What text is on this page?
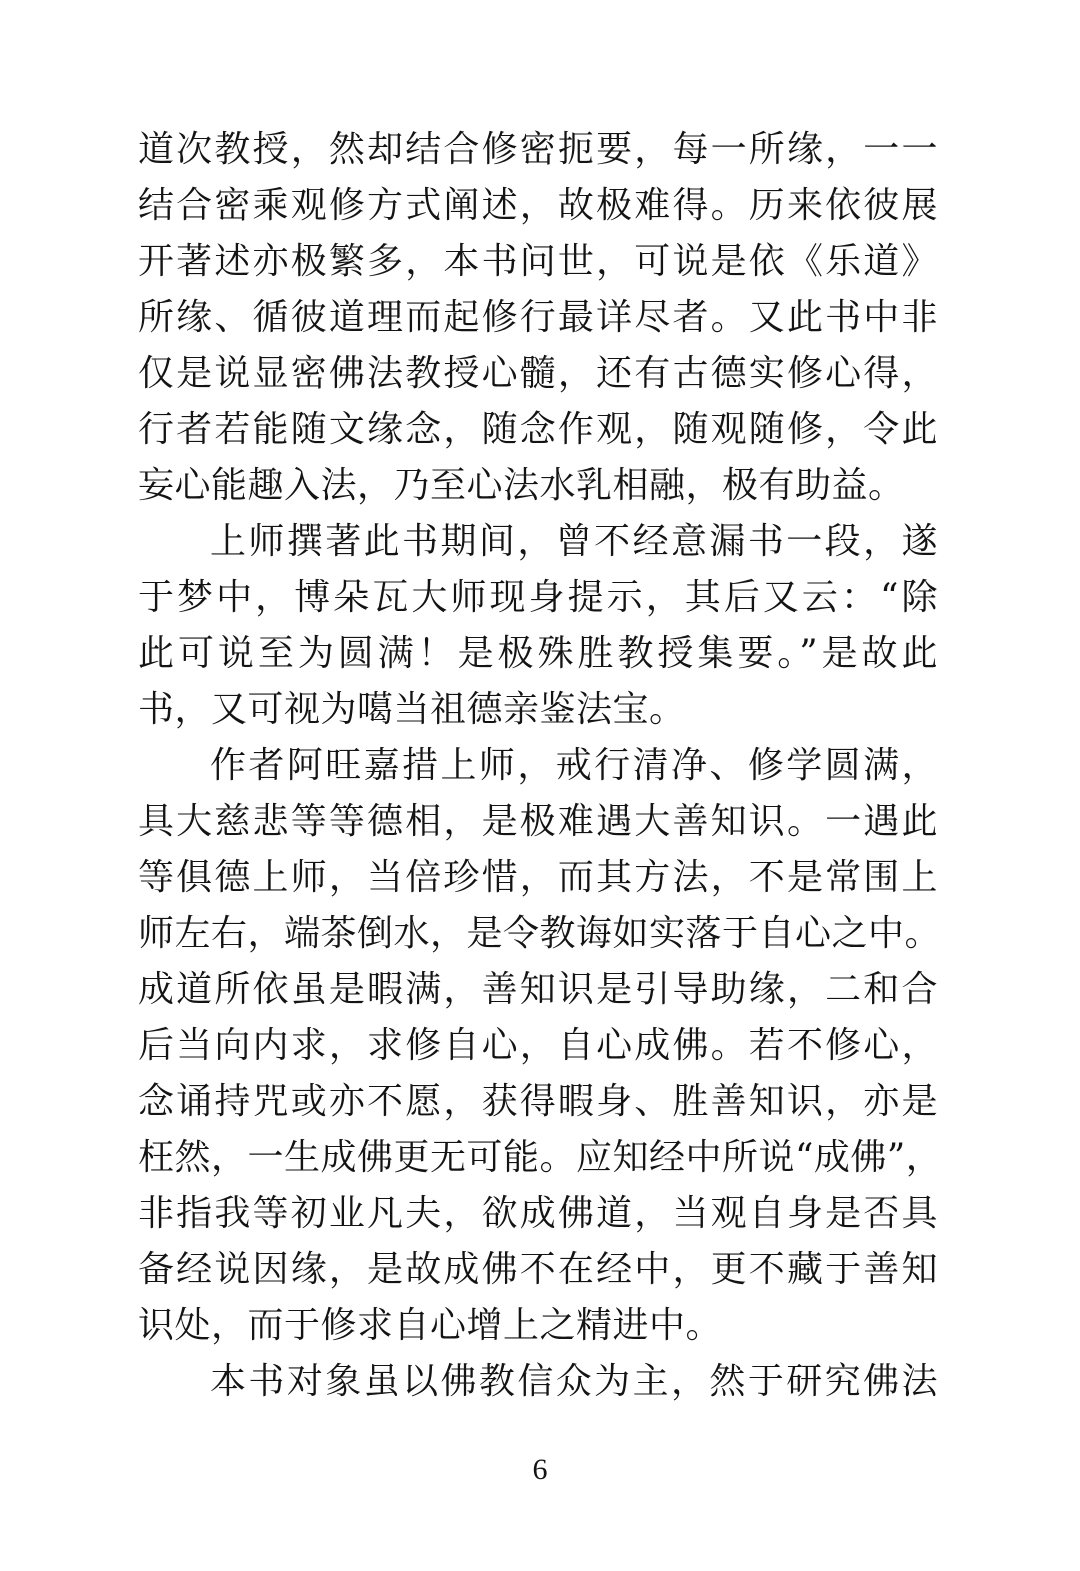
道次教授，然却结合修密扼要，每一所缘，一一
结合密乘观修方式阐述，故极难得。历来依彼展
开著述亦极繁多，本书问世，可说是依《乐道》
所缘、循彼道理而起修行最详尽者。又此书中非
仅是说显密佛法教授心髓，还有古德实修心得，
行者若能随文缘念，随念作观，随观随修，令此
妄心能趣入法，乃至心法水乳相融，极有助益。
上师撰著此书期间，曾不经意漏书一段，遂
于梦中，博朵瓦大师现身提示，其后又云：“除
此可说至为圆满！是极殊胜教授集要。”是故此
书，又可视为噶当祖德亲鉴法宝。
作者阿旺嘉措上师，戒行清净、修学圆满，
具大慈悲等等德相，是极难遇大善知识。一遇此
等俱德上师，当倍珍惜，而其方法，不是常围上
师左右，端茶倒水，是令教诲如实落于自心之中。
成道所依虽是暇满，善知识是引导助缘，二和合
后当向内求，求修自心，自心成佛。若不修心，
念诵持咒或亦不愿，获得暇身、胜善知识，亦是
枉然，一生成佛更无可能。应知经中所说“成佛”，
非指我等初业凡夫，欲成佛道，当观自身是否具
备经说因缘，是故成佛不在经中，更不藏于善知
识处，而于修求自心增上之精进中。
本书对象虽以佛教信众为主，然于研究佛法
6
